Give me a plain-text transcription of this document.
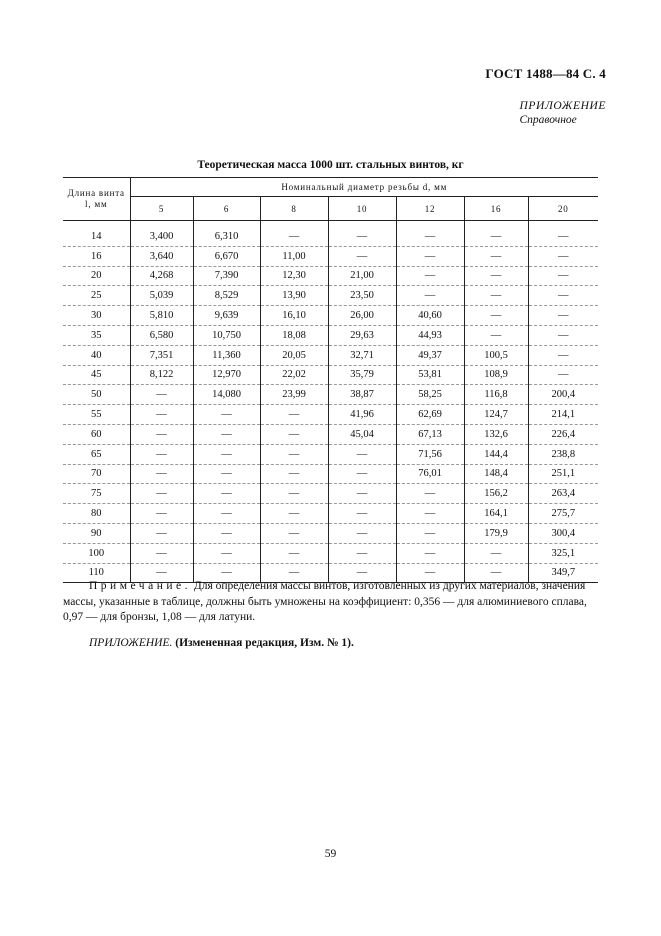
ГОСТ 1488—84 С. 4
ПРИЛОЖЕНИЕ
Справочное
Теоретическая масса 1000 шт. стальных винтов, кг

Длина винта
l, мм	Номинальный диаметр резьбы d, мм						
	5	6	8	10	12	16	20

14	3,400	6,310	—	—	—	—	—
16	3,640	6,670	11,00	—	—	—	—
20	4,268	7,390	12,30	21,00	—	—	—
25	5,039	8,529	13,90	23,50	—	—	—
30	5,810	9,639	16,10	26,00	40,60	—	—
35	6,580	10,750	18,08	29,63	44,93	—	—
40	7,351	11,360	20,05	32,71	49,37	100,5	—
45	8,122	12,970	22,02	35,79	53,81	108,9	—
50	—	14,080	23,99	38,87	58,25	116,8	200,4
55	—	—	—	41,96	62,69	124,7	214,1
60	—	—	—	45,04	67,13	132,6	226,4
65	—	—	—	—	71,56	144,4	238,8
70	—	—	—	—	76,01	148,4	251,1
75	—	—	—	—	—	156,2	263,4
80	—	—	—	—	—	164,1	275,7
90	—	—	—	—	—	179,9	300,4
100	—	—	—	—	—	—	325,1
110	—	—	—	—	—	—	349,7
Примечание. Для определения массы винтов, изготовленных из других материалов, значения
массы, указанные в таблице, должны быть умножены на коэффициент: 0,356 — для алюминиевого сплава, 0,97 — для бронзы, 1,08 — для латуни.
ПРИЛОЖЕНИЕ. (Измененная редакция, Изм. № 1).
59
